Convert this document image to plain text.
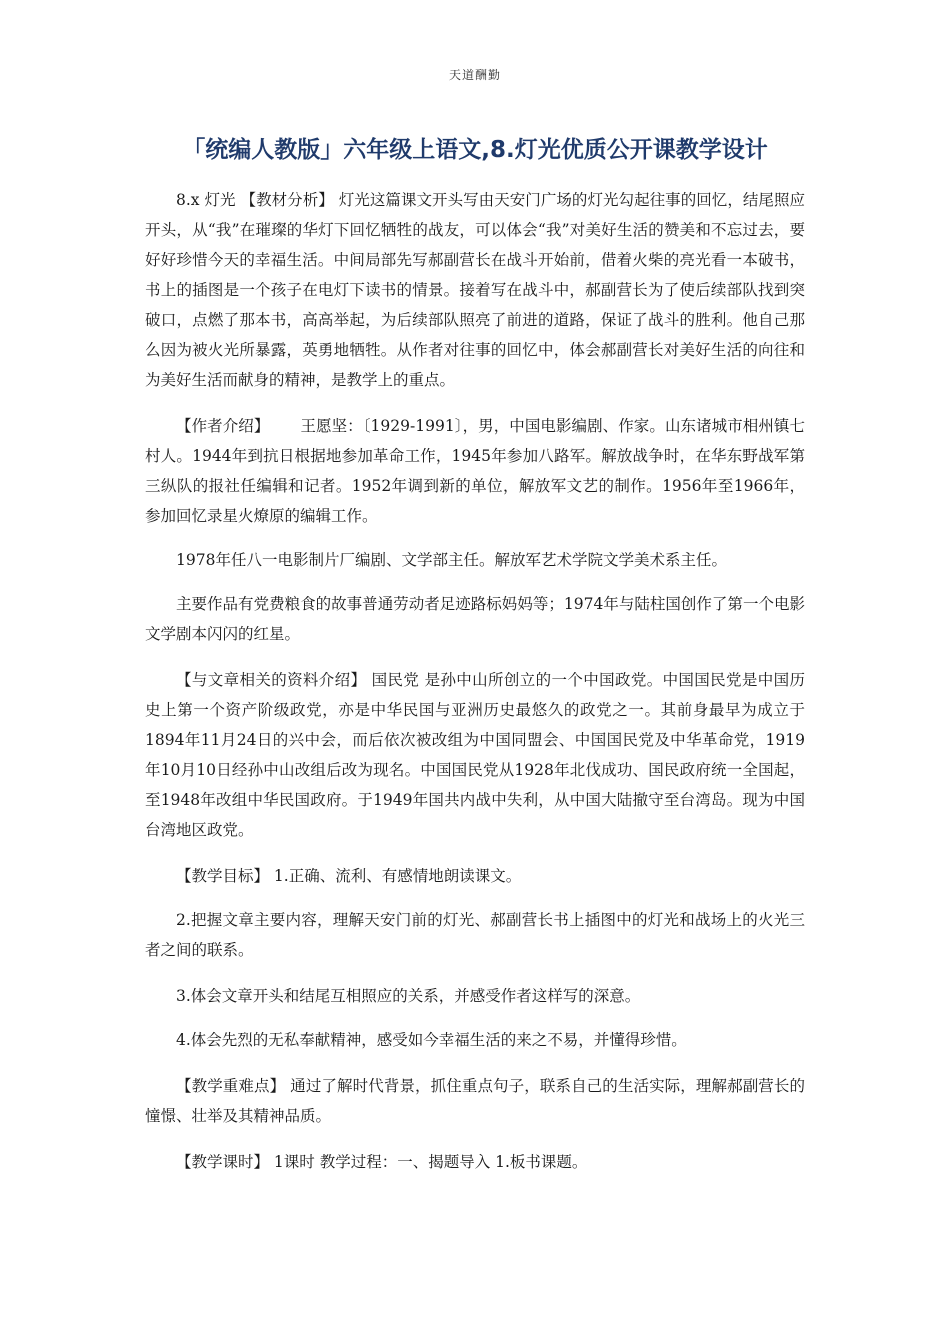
天道酬勤
「统编人教版」六年级上语文,8.灯光优质公开课教学设计

8.x 灯光 【教材分析】 灯光这篇课文开头写由天安门广场的灯光勾起往事的回忆，结尾照应开头，从“我”在璀璨的华灯下回忆牺牲的战友，可以体会“我”对美好生活的赞美和不忘过去，要好好珍惜今天的幸福生活。中间局部先写郝副营长在战斗开始前，借着火柴的亮光看一本破书，书上的插图是一个孩子在电灯下读书的情景。接着写在战斗中，郝副营长为了使后续部队找到突破口，点燃了那本书，高高举起，为后续部队照亮了前进的道路，保证了战斗的胜利。他自己那么因为被火光所暴露，英勇地牺牲。从作者对往事的回忆中，体会郝副营长对美好生活的向往和为美好生活而献身的精神，是教学上的重点。

【作者介绍】 王愿坚：〔1929-1991〕，男，中国电影编剧、作家。山东诸城市相州镇七村人。1944年到抗日根据地参加革命工作，1945年参加八路军。解放战争时，在华东野战军第三纵队的报社任编辑和记者。1952年调到新的单位，解放军文艺的制作。1956年至1966年，参加回忆录星火燎原的编辑工作。

1978年任八一电影制片厂编剧、文学部主任。解放军艺术学院文学美术系主任。

主要作品有党费粮食的故事普通劳动者足迹路标妈妈等；1974年与陆柱国创作了第一个电影文学剧本闪闪的红星。

【与文章相关的资料介绍】 国民党 是孙中山所创立的一个中国政党。中国国民党是中国历史上第一个资产阶级政党，亦是中华民国与亚洲历史最悠久的政党之一。其前身最早为成立于1894年11月24日的兴中会，而后依次被改组为中国同盟会、中国国民党及中华革命党，1919年10月10日经孙中山改组后改为现名。中国国民党从1928年北伐成功、国民政府统一全国起，至1948年改组中华民国政府。于1949年国共内战中失利，从中国大陆撤守至台湾岛。现为中国台湾地区政党。

【教学目标】 1.正确、流利、有感情地朗读课文。

2.把握文章主要内容，理解天安门前的灯光、郝副营长书上插图中的灯光和战场上的火光三者之间的联系。

3.体会文章开头和结尾互相照应的关系，并感受作者这样写的深意。

4.体会先烈的无私奉献精神，感受如今幸福生活的来之不易，并懂得珍惜。

【教学重难点】 通过了解时代背景，抓住重点句子，联系自己的生活实际，理解郝副营长的憧憬、壮举及其精神品质。

【教学课时】 1课时 教学过程：一、揭题导入 1.板书课题。
